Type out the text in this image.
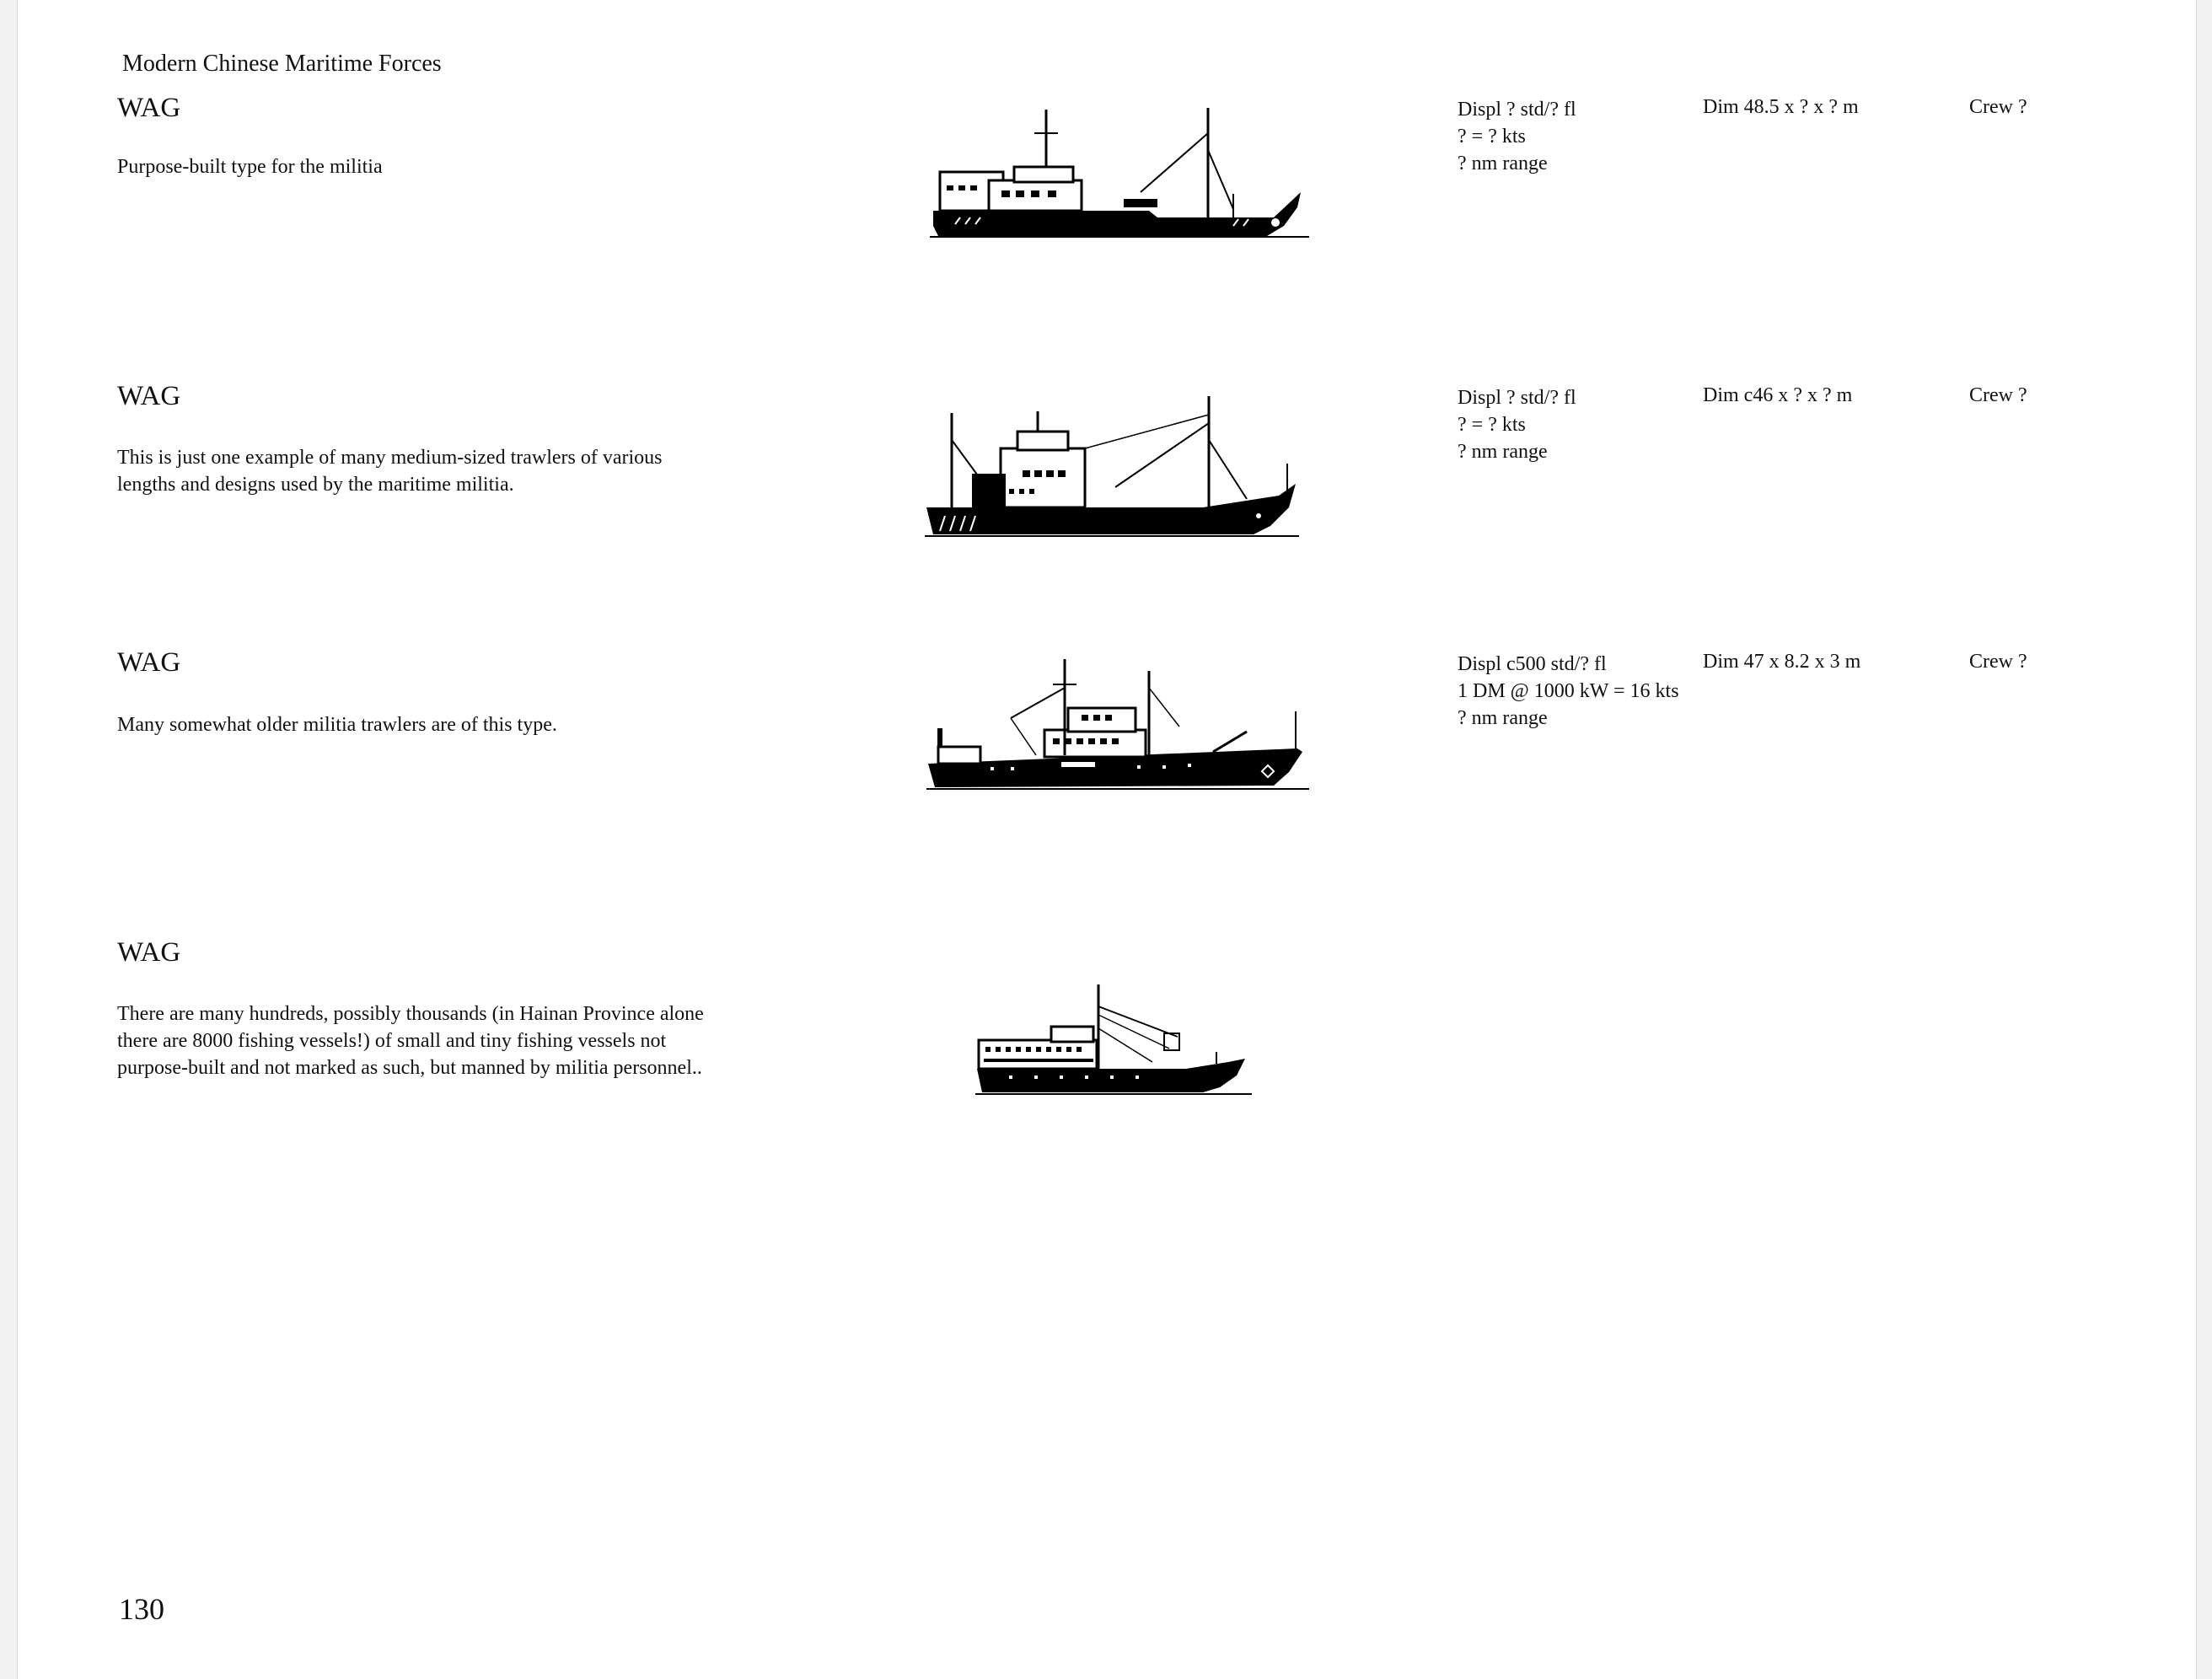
Modern Chinese Maritime Forces
WAG
Purpose-built type for the militia
Displ ? std/? fl
? = ? kts
? nm range
Dim 48.5 x ? x ? m	Crew ?
WAG
This is just one example of many medium-sized trawlers of various
lengths and designs used by the maritime militia.
Displ ? std/? fl
? = ? kts
? nm range
Dim c46 x ? x ? m	Crew ?
WAG
Many somewhat older militia trawlers are of this type.
Displ c500 std/? fl
1 DM @ 1000 kW = 16 kts
? nm range
Dim 47 x 8.2 x 3 m	Crew ?
WAG
There are many hundreds, possibly thousands (in Hainan Province alone
there are 8000 fishing vessels!) of small and tiny fishing vessels not
purpose-built and not marked as such, but manned by militia personnel..
130
